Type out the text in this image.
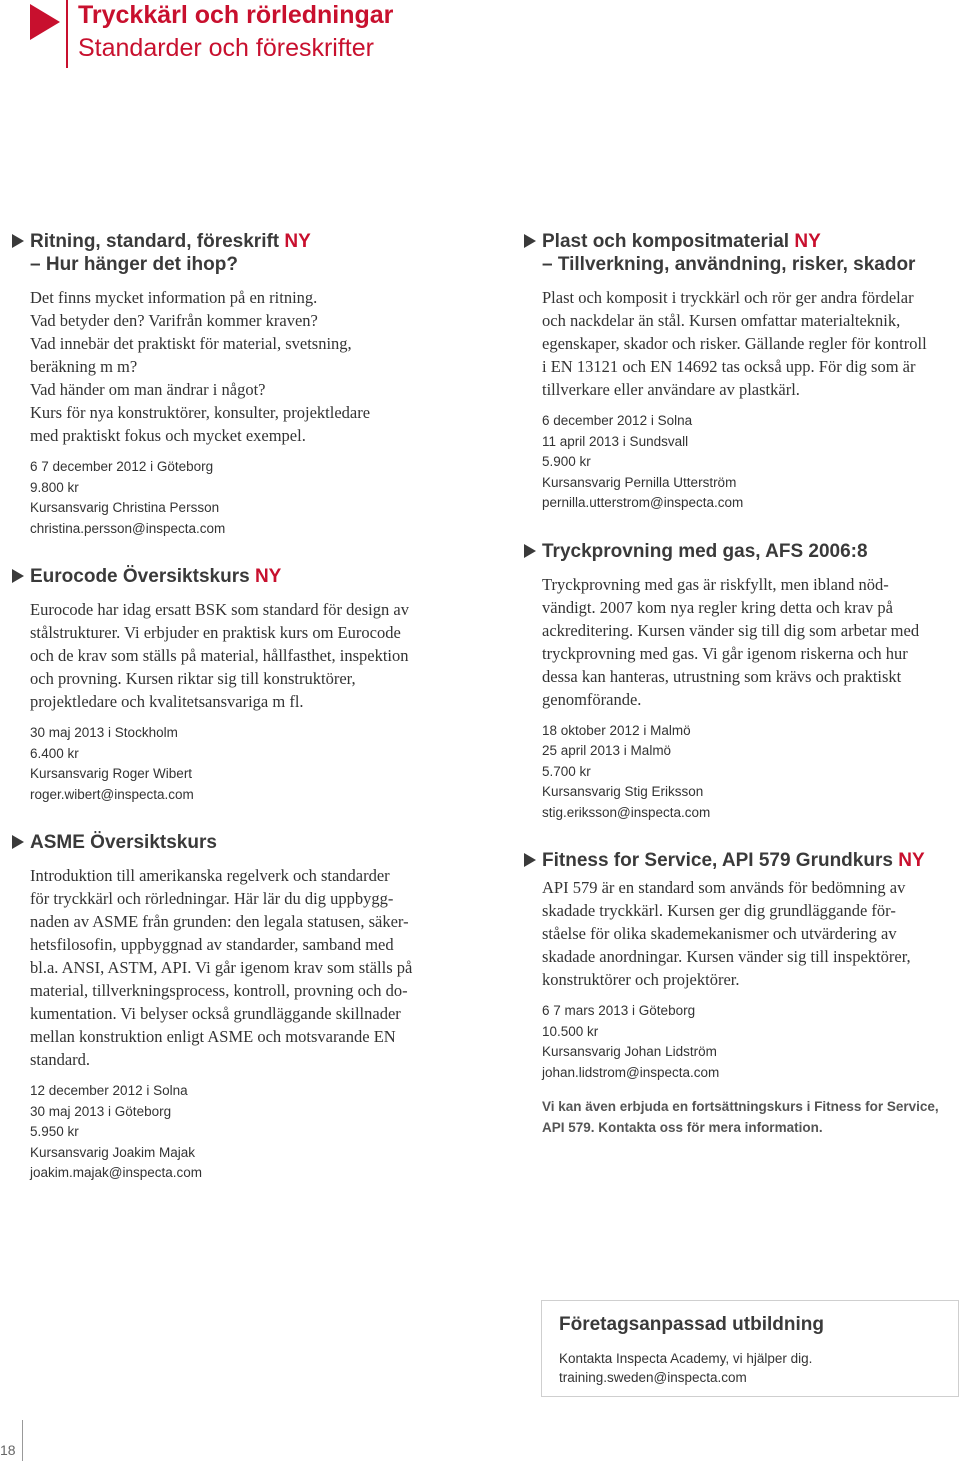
Tryckkärl och rörledningar
Standarder och föreskrifter
Ritning, standard, föreskrift NY
– Hur hänger det ihop?

Det finns mycket information på en ritning.

Vad betyder den? Varifrån kommer kraven?

Vad innebär det praktiskt för material, svetsning,

beräkning m m?

Vad händer om man ändrar i något?

Kurs för nya konstruktörer, konsulter, projektledare

med praktiskt fokus och mycket exempel.

6 7 december 2012 i Göteborg
9.800 kr
Kursansvarig Christina Persson
christina.persson@inspecta.com
Eurocode Översiktskurs NY

Eurocode har idag ersatt BSK som standard för design av

stålstrukturer. Vi erbjuder en praktisk kurs om Eurocode

och de krav som ställs på material, hållfasthet, inspektion

och provning. Kursen riktar sig till konstruktörer,

projektledare och kvalitetsansvariga m fl.

30 maj 2013 i Stockholm
6.400 kr
Kursansvarig Roger Wibert
roger.wibert@inspecta.com
ASME Översiktskurs

Introduktion till amerikanska regelverk och standarder

för tryckkärl och rörledningar. Här lär du dig uppbygg-

naden av ASME från grunden: den legala statusen, säker-

hetsfilosofin, uppbyggnad av standarder, samband med

bl.a. ANSI, ASTM, API. Vi går igenom krav som ställs på

material, tillverkningsprocess, kontroll, provning och do-

kumentation. Vi belyser också grundläggande skillnader

mellan konstruktion enligt ASME och motsvarande EN

standard.

12 december 2012 i Solna
30 maj 2013 i Göteborg
5.950 kr
Kursansvarig Joakim Majak
joakim.majak@inspecta.com
Plast och kompositmaterial NY
– Tillverkning, användning, risker, skador

Plast och komposit i tryckkärl och rör ger andra fördelar

och nackdelar än stål. Kursen omfattar materialteknik,

egenskaper, skador och risker. Gällande regler för kontroll

i EN 13121 och EN 14692 tas också upp. För dig som är

tillverkare eller användare av plastkärl.

6 december 2012 i Solna
11 april 2013 i Sundsvall
5.900 kr
Kursansvarig Pernilla Utterström
pernilla.utterstrom@inspecta.com
Tryckprovning med gas, AFS 2006:8

Tryckprovning med gas är riskfyllt, men ibland nöd-

vändigt. 2007 kom nya regler kring detta och krav på

ackreditering. Kursen vänder sig till dig som arbetar med

tryckprovning med gas. Vi går igenom riskerna och hur

dessa kan hanteras, utrustning som krävs och praktiskt

genomförande.

18 oktober 2012 i Malmö
25 april 2013 i Malmö
5.700 kr
Kursansvarig Stig Eriksson
stig.eriksson@inspecta.com
Fitness for Service, API 579 Grundkurs NY

API 579 är en standard som används för bedömning av

skadade tryckkärl. Kursen ger dig grundläggande för-

ståelse för olika skademekanismer och utvärdering av

skadade anordningar. Kursen vänder sig till inspektörer,

konstruktörer och projektörer.

6 7 mars 2013 i Göteborg
10.500 kr
Kursansvarig Johan Lidström
johan.lidstrom@inspecta.com
Vi kan även erbjuda en fortsättningskurs i Fitness for Service, API 579. Kontakta oss för mera information.
Företagsanpassad utbildning
Kontakta Inspecta Academy, vi hjälper dig.
training.sweden@inspecta.com
18
